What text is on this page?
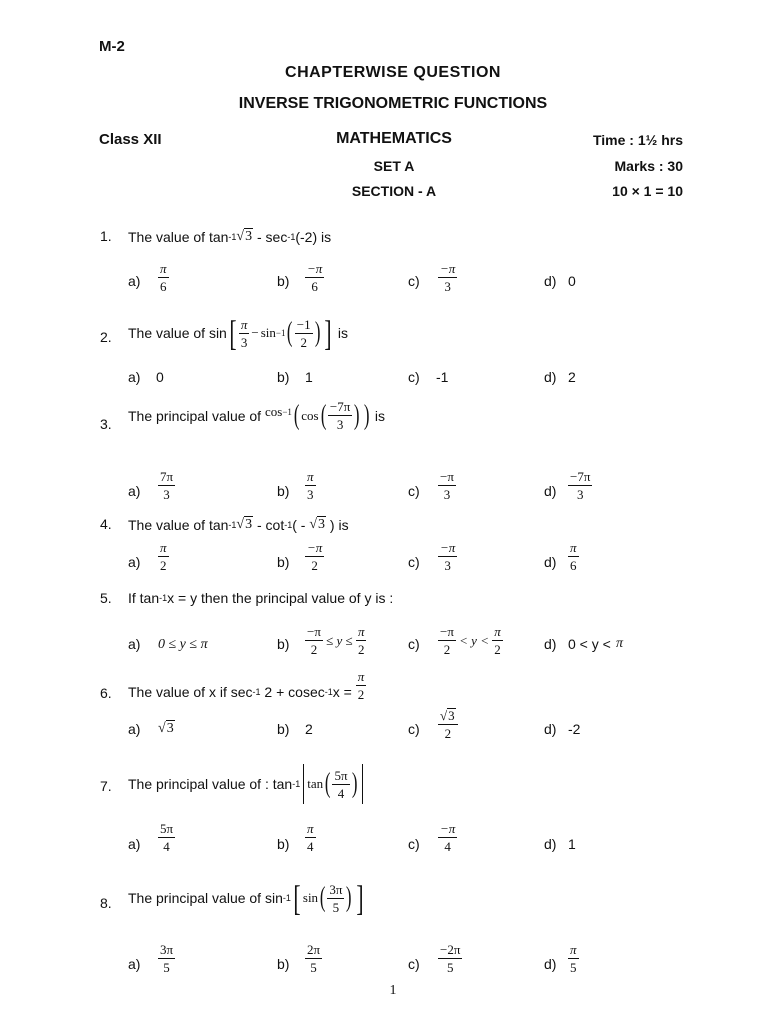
M-2
CHAPTERWISE QUESTION
INVERSE TRIGONOMETRIC FUNCTIONS
Class XII	MATHEMATICS	Time : 1½ hrs
SET A	Marks : 30
SECTION - A	10 × 1 = 10
1. The value of tan -1 √ 3 - sec -1 (-2) is
$a) \frac{\pi}{6}$	$b) \frac{-\pi}{6}$	$c) \frac{-\pi}{3}$	d) 0
2. The value of sin [ $\frac{\pi}{3} - \sin -1$ ( $\frac{-1}{2}$ ) ] is
a) 0	b) 1	c) -1	d) 2
3.
The principal value of cos −1 ( cos ( $\frac{-7\pi}{3}$ ) ) is
$a) \frac{7\pi}{3}$	$b) \frac{\pi}{3}$	$c) \frac{-\pi}{3}$	$d) \frac{-7\pi}{3}$
4. The value of tan -1 √ 3 - cot -1 ( - √ 3 ) is
$a) \frac{\pi}{2}$	$b) \frac{-\pi}{2}$	$c) \frac{-\pi}{3}$	$d) \frac{\pi}{6}$
5. If tan -1 x = y then the principal value of y is :
a) 0 ≤ y ≤ π	$b) \frac{-\pi}{2} \le y \le \frac{\pi}{2}$	$c) \frac{-\pi}{2} < y < \frac{\pi}{2}$	d) 0 < y < π
6. The value of x if sec -1 2 + cosec -1 $x = \frac{\pi}{2}$
a) √ 3	b) 2	$c) \frac{√ 3}{2}$	d) -2
7. The principal value of : tan -1 tan ( $\frac{5\pi}{4}$ )
$a) \frac{5\pi}{4}$	$b) \frac{\pi}{4}$	$c) \frac{-\pi}{4}$	d) 1
8. The principal value of sin -1 [ sin ( $\frac{3\pi}{5}$ ) ]
$a) \frac{3\pi}{5}$	$b) \frac{2\pi}{5}$	$c) \frac{-2\pi}{5}$	$d) \frac{\pi}{5}$
1
